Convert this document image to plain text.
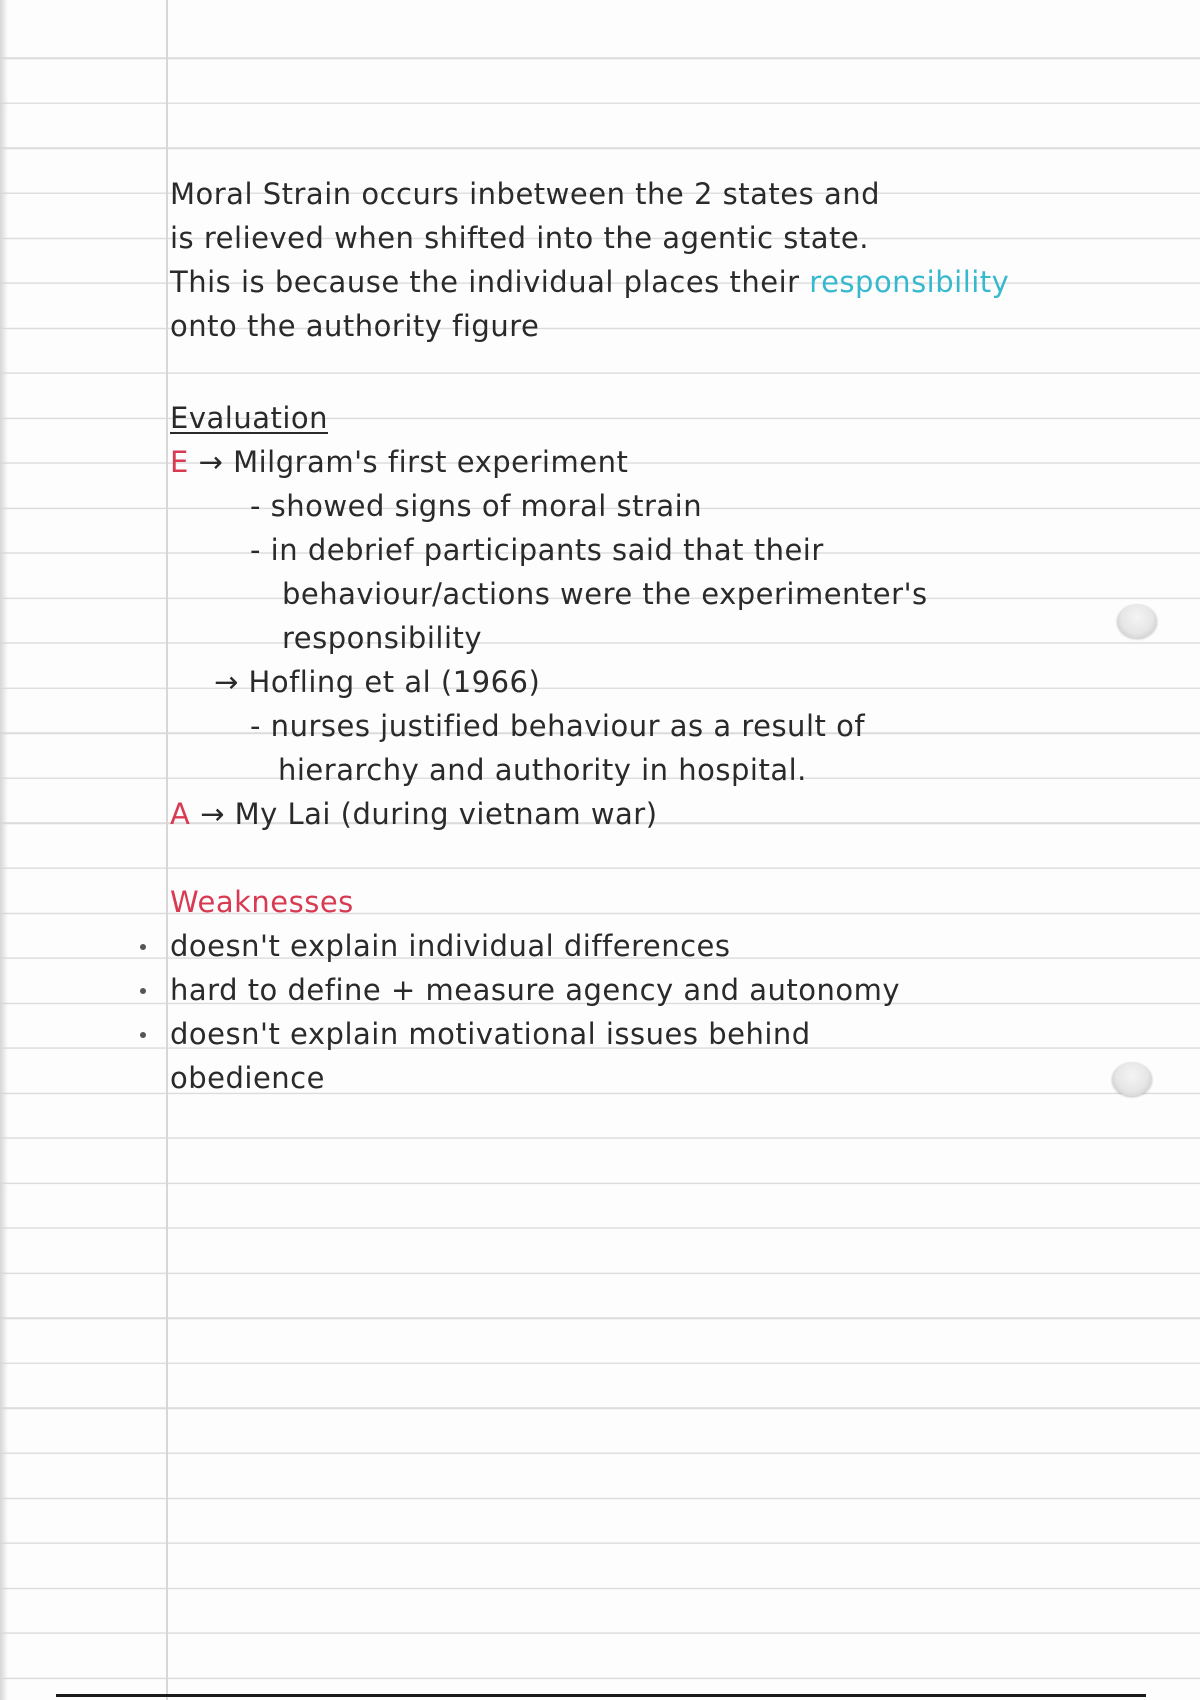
Moral Strain occurs inbetween the 2 states and
is relieved when shifted into the agentic state.
This is because the individual places their responsibility
onto the authority figure
Evaluation
E → Milgram's first experiment
- showed signs of moral strain
- in debrief participants said that their
behaviour/actions were the experimenter's
responsibility
→ Hofling et al (1966)
- nurses justified behaviour as a result of
hierarchy and authority in hospital.
A → My Lai (during vietnam war)
Weaknesses
doesn't explain individual differences
hard to define + measure agency and autonomy
doesn't explain motivational issues behind
obedience
